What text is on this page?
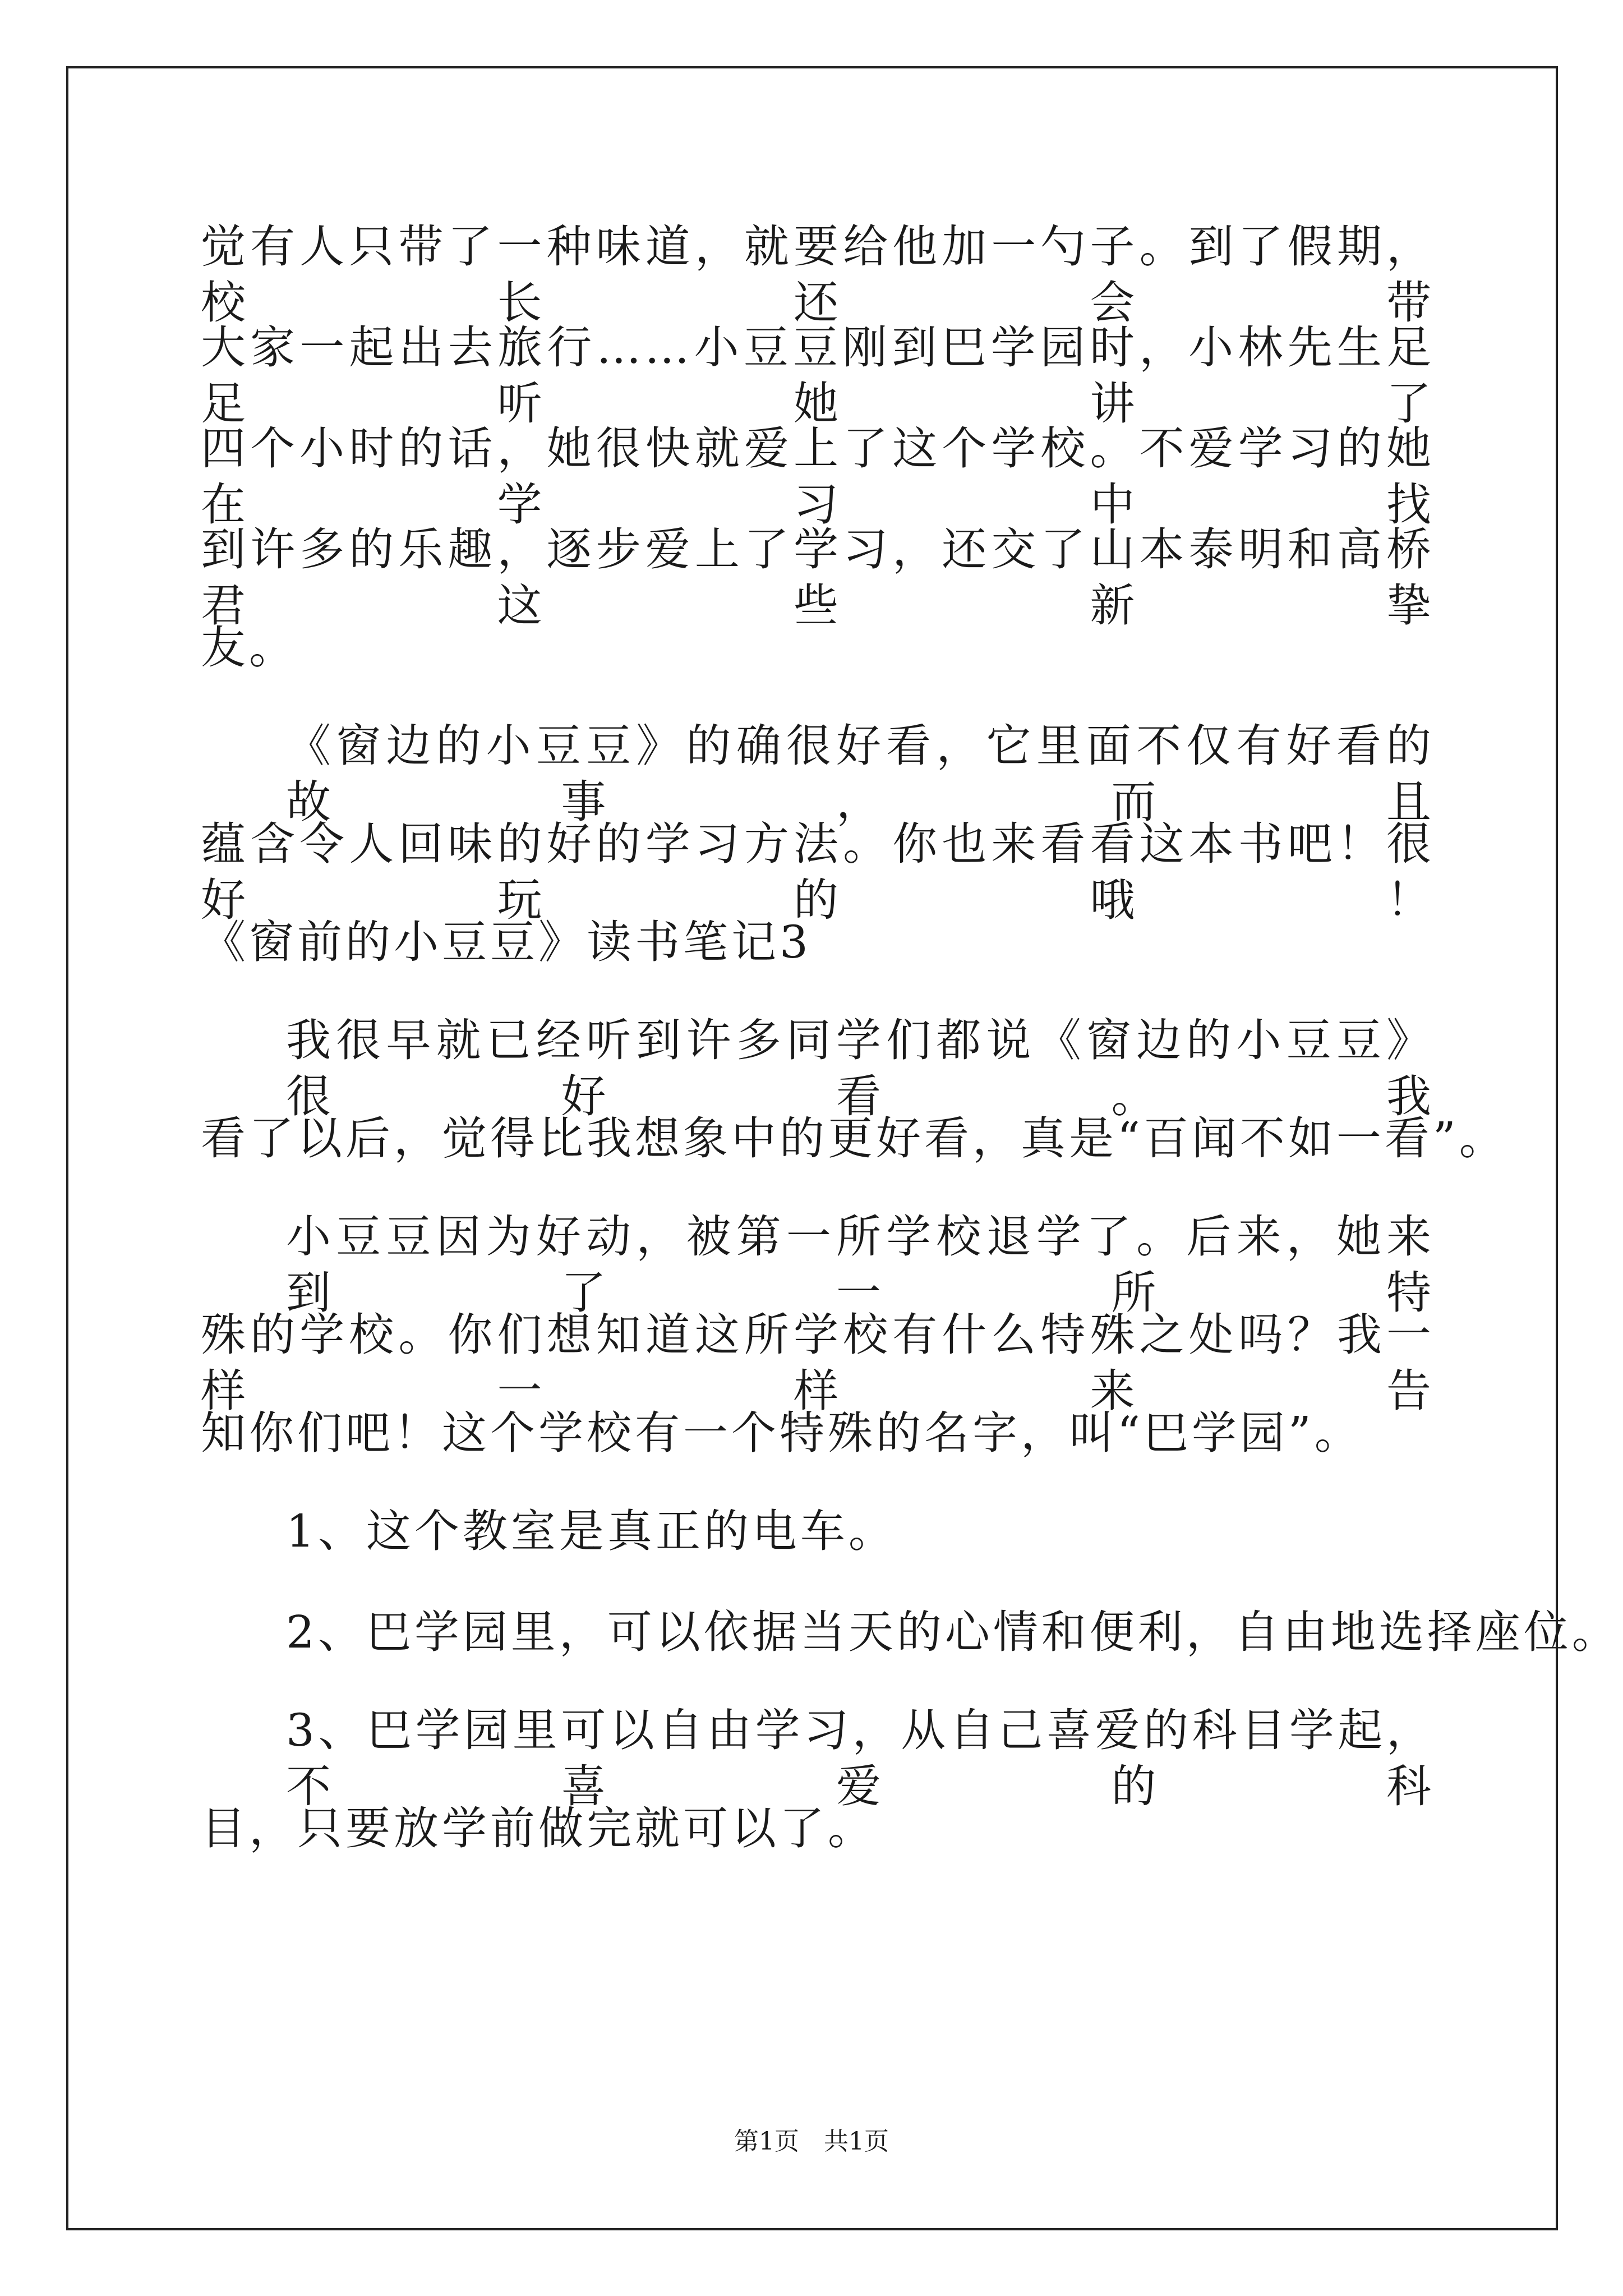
觉有人只带了一种味道，就要给他加一勺子。到了假期，校长还会带
大家一起出去旅行……小豆豆刚到巴学园时，小林先生足足听她讲了
四个小时的话，她很快就爱上了这个学校。不爱学习的她在学习中找
到许多的乐趣，逐步爱上了学习，还交了山本泰明和高桥君这些新挚
友。
《窗边的小豆豆》的确很好看，它里面不仅有好看的故事，而且
蕴含令人回味的好的学习方法。你也来看看这本书吧！很好玩的哦！
《窗前的小豆豆》读书笔记3
我很早就已经听到许多同学们都说《窗边的小豆豆》很好看。我
看了以后，觉得比我想象中的更好看，真是“百闻不如一看”。
小豆豆因为好动，被第一所学校退学了。后来，她来到了一所特
殊的学校。你们想知道这所学校有什么特殊之处吗？我一样一样来告
知你们吧！这个学校有一个特殊的名字，叫“巴学园”。
1、这个教室是真正的电车。
2、巴学园里，可以依据当天的心情和便利，自由地选择座位。
3、巴学园里可以自由学习，从自己喜爱的科目学起，不喜爱的科
目，只要放学前做完就可以了。
第1页　共1页
